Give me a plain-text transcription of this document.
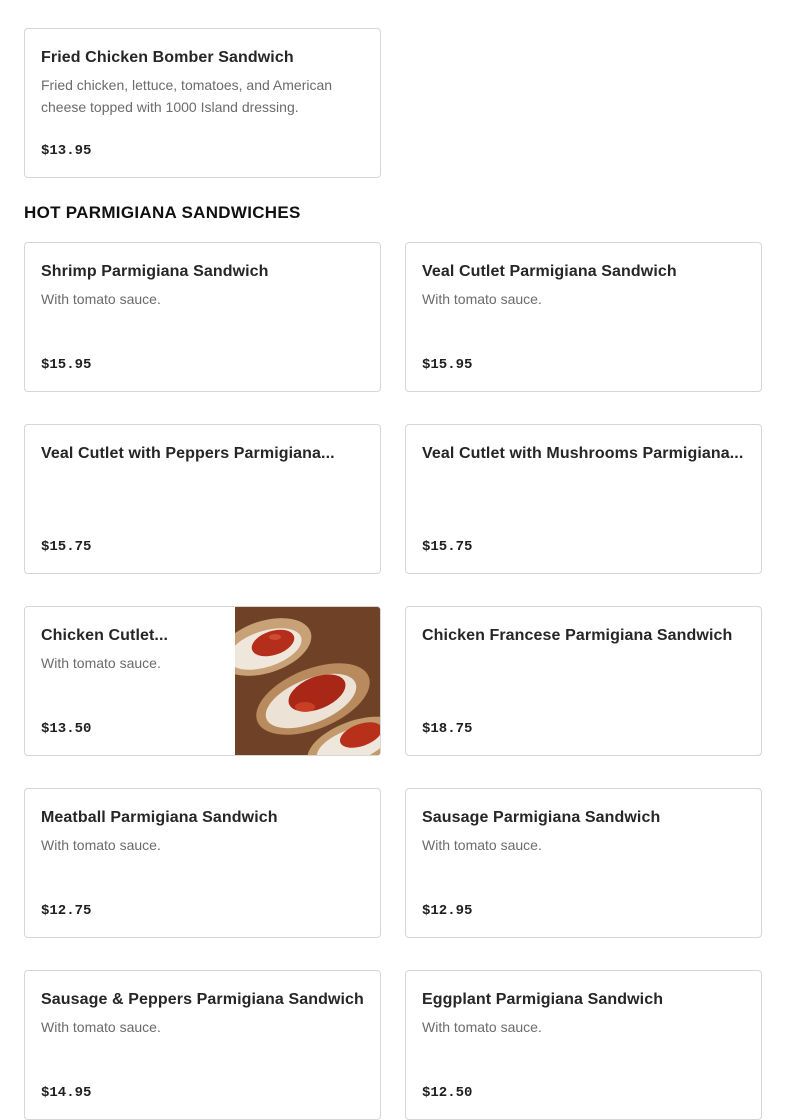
Fried Chicken Bomber Sandwich
Fried chicken, lettuce, tomatoes, and American cheese topped with 1000 Island dressing.
$13.95
HOT PARMIGIANA SANDWICHES
Shrimp Parmigiana Sandwich
With tomato sauce.
$15.95
Veal Cutlet Parmigiana Sandwich
With tomato sauce.
$15.95
Veal Cutlet with Peppers Parmigiana...
$15.75
Veal Cutlet with Mushrooms Parmigiana...
$15.75
Chicken Cutlet...
With tomato sauce.
$13.50
Chicken Francese Parmigiana Sandwich
$18.75
Meatball Parmigiana Sandwich
With tomato sauce.
$12.75
Sausage Parmigiana Sandwich
With tomato sauce.
$12.95
Sausage & Peppers Parmigiana Sandwich
With tomato sauce.
$14.95
Eggplant Parmigiana Sandwich
With tomato sauce.
$12.50
